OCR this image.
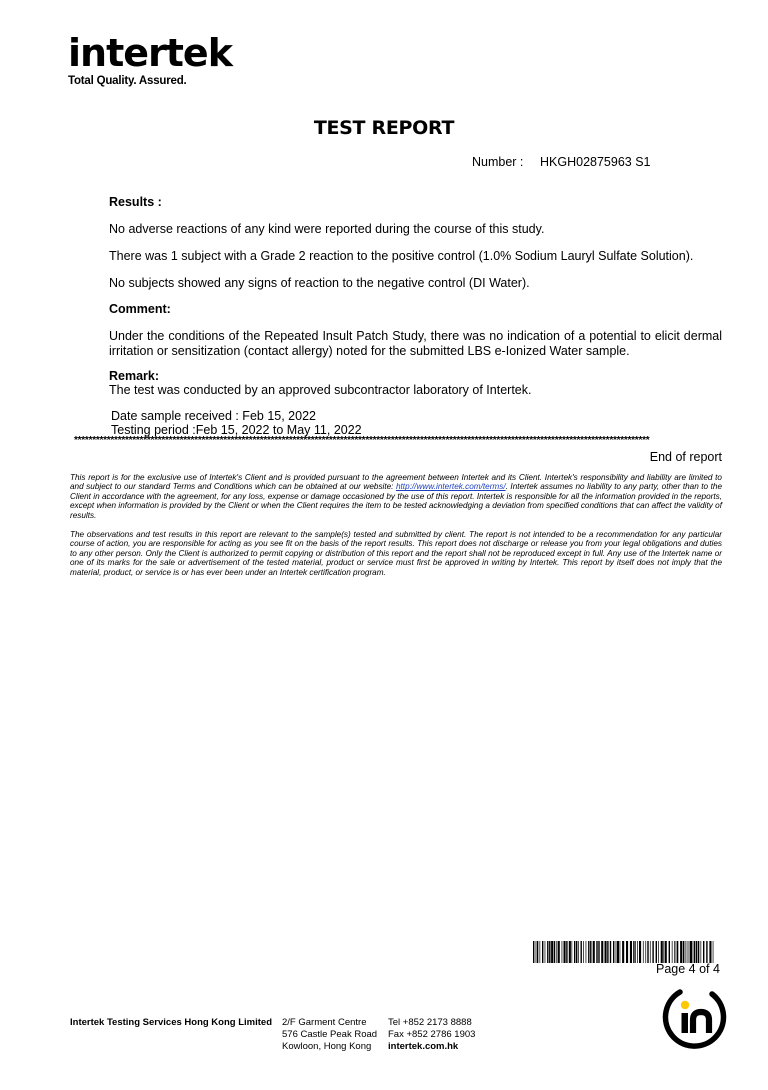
intertek
Total Quality. Assured.
TEST REPORT
Number : HKGH02875963 S1
Results :
No adverse reactions of any kind were reported during the course of this study.
There was 1 subject with a Grade 2 reaction to the positive control (1.0% Sodium Lauryl Sulfate Solution).
No subjects showed any signs of reaction to the negative control (DI Water).
Comment:
Under the conditions of the Repeated Insult Patch Study, there was no indication of a potential to elicit dermal irritation or sensitization (contact allergy) noted for the submitted LBS e-Ionized Water sample.
Remark:
The test was conducted by an approved subcontractor laboratory of Intertek.
Date sample received : Feb 15, 2022
Testing period :Feb 15, 2022 to May 11, 2022
**************************************************************************************************************************************************************
End of report
This report is for the exclusive use of Intertek's Client and is provided pursuant to the agreement between Intertek and its Client. Intertek's responsibility and liability are limited to and subject to our standard Terms and Conditions which can be obtained at our website: http://www.intertek.com/terms/. Intertek assumes no liability to any party, other than to the Client in accordance with the agreement, for any loss, expense or damage occasioned by the use of this report. Intertek is responsible for all the information provided in the reports, except when information is provided by the Client or when the Client requires the item to be tested acknowledging a deviation from specified conditions that can affect the validity of results.
The observations and test results in this report are relevant to the sample(s) tested and submitted by client. The report is not intended to be a recommendation for any particular course of action, you are responsible for acting as you see fit on the basis of the report results. This report does not discharge or release you from your legal obligations and duties to any other person. Only the Client is authorized to permit copying or distribution of this report and the report shall not be reproduced except in full. Any use of the Intertek name or one of its marks for the sale or advertisement of the tested material, product or service must first be approved in writing by Intertek. This report by itself does not imply that the material, product, or service is or has ever been under an Intertek certification program.
Page 4 of 4
Intertek Testing Services Hong Kong Limited 2/F Garment Centre
576 Castle Peak Road
Kowloon, Hong Kong
Tel +852 2173 8888
Fax +852 2786 1903
intertek.com.hk
